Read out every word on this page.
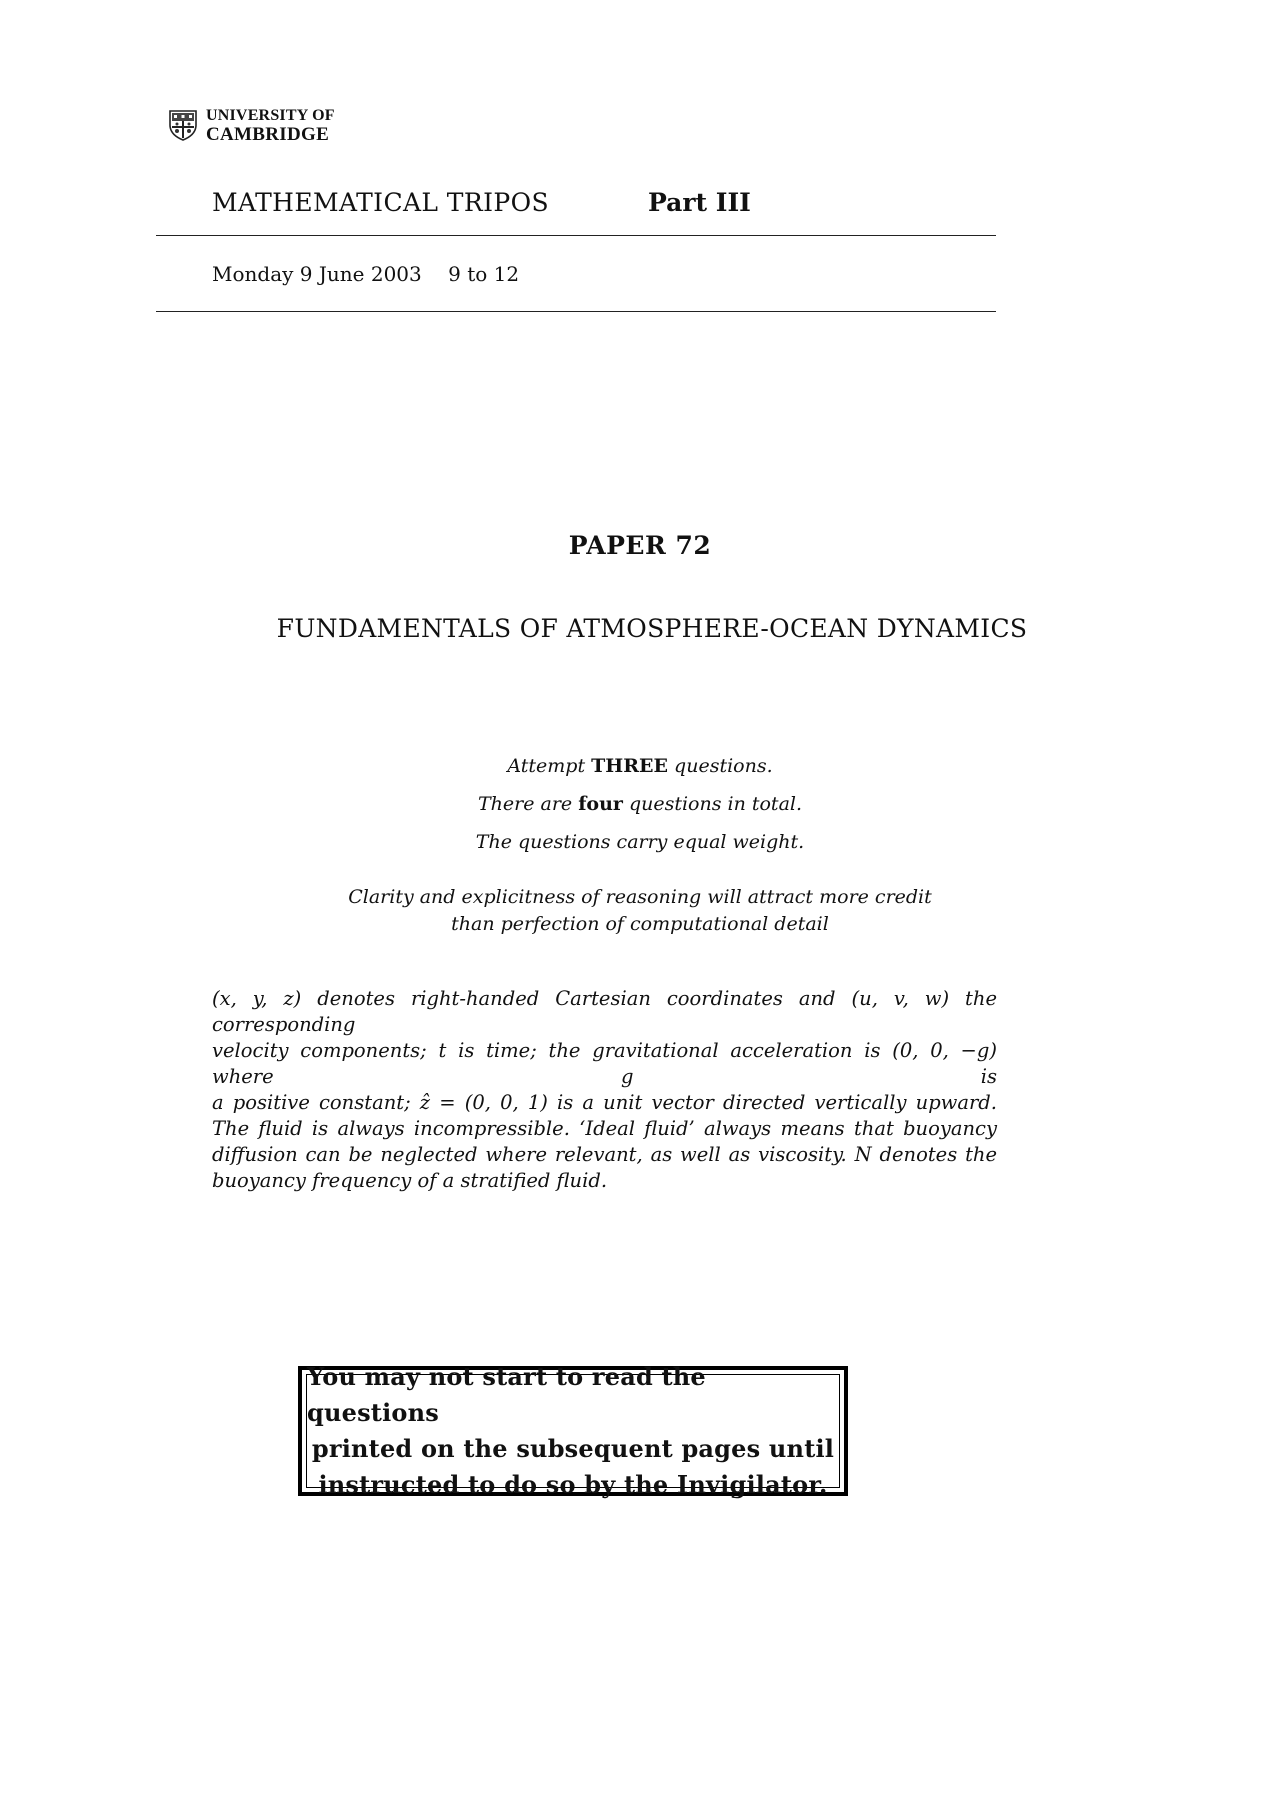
UNIVERSITY OF
CAMBRIDGE
MATHEMATICAL TRIPOS	Part III
Monday 9 June 2003 9 to 12
PAPER 72
FUNDAMENTALS OF ATMOSPHERE-OCEAN DYNAMICS
Attempt THREE questions.
There are four questions in total.
The questions carry equal weight.
Clarity and explicitness of reasoning will attract more credit
than perfection of computational detail
(x, y, z) denotes right-handed Cartesian coordinates and (u, v, w) the corresponding
velocity components; t is time; the gravitational acceleration is (0, 0, −g) where g is
a positive constant; ẑ = (0, 0, 1) is a unit vector directed vertically upward.
The fluid is always incompressible. ‘Ideal fluid’ always means that buoyancy
diffusion can be neglected where relevant, as well as viscosity. N denotes the
buoyancy frequency of a stratified fluid.
You may not start to read the questions
printed on the subsequent pages until
instructed to do so by the Invigilator.
